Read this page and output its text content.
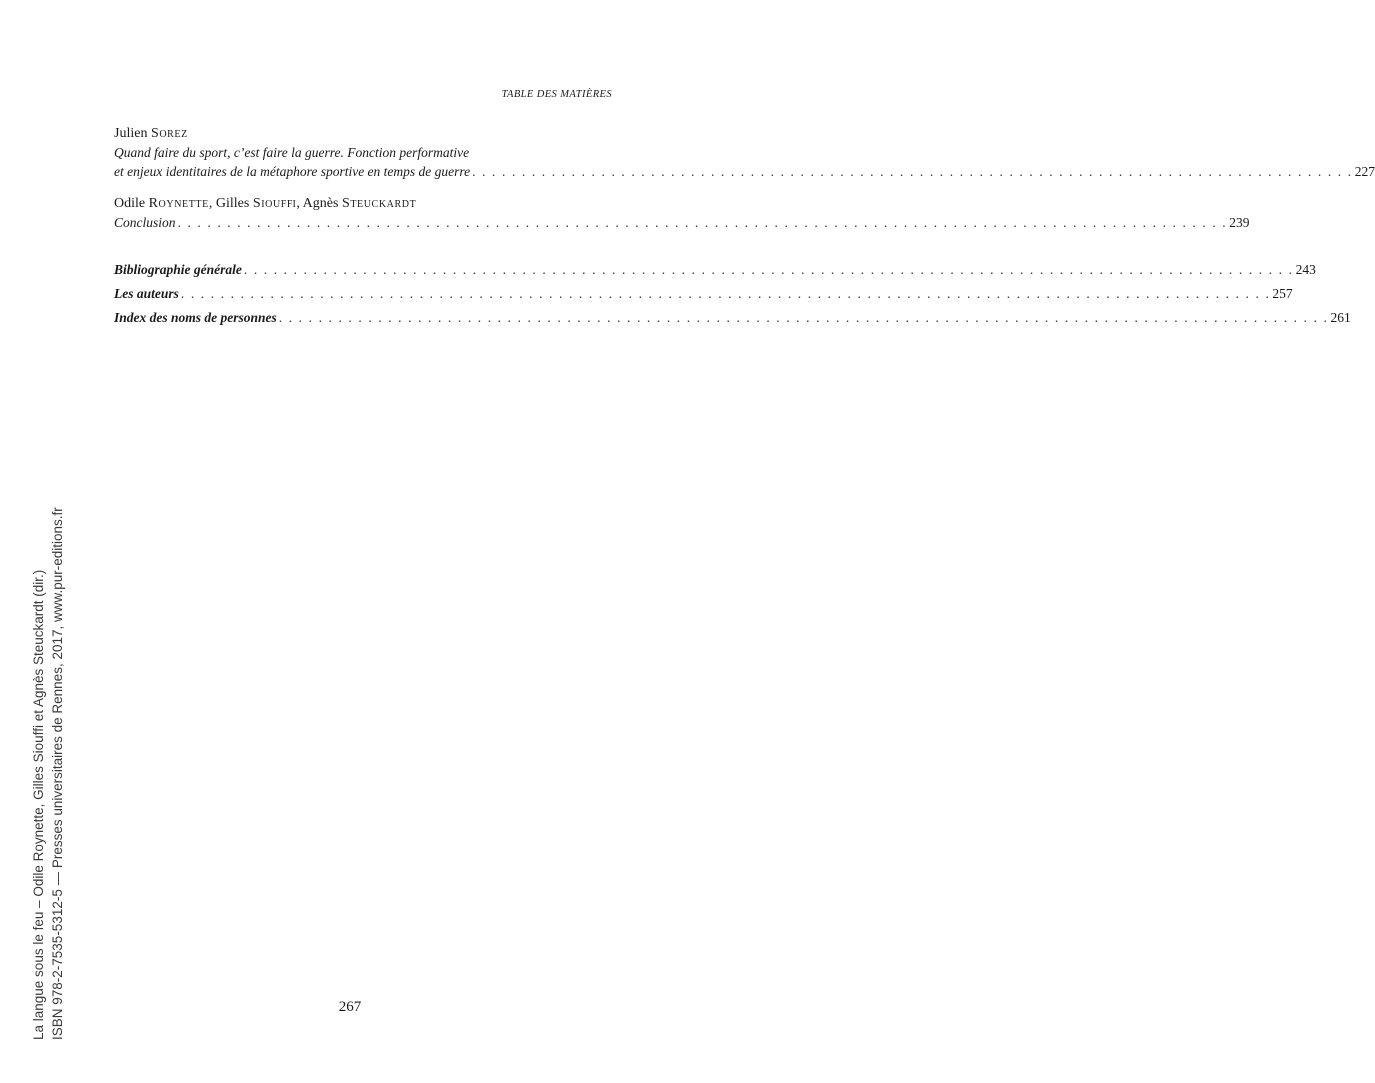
TABLE DES MATIÈRES
Julien Sorez
Quand faire du sport, c’est faire la guerre. Fonction performative
et enjeux identitaires de la métaphore sportive en temps de guerre . . . . . . . . . . . . . . . . . . . . . . . . . . . . . . . . . . . . . . . . . . . . . . . . . . . . . . . . . . . . . . . . . . . . . . . . . . . . . . . . . . . . . . . . . 227
Odile Roynette, Gilles Sioufﬁ, Agnès Steuckardt
Conclusion . . . . . . . . . . . . . . . . . . . . . . . . . . . . . . . . . . . . . . . . . . . . . . . . . . . . . . . . . . . . . . . . . . . . . . . . . . . . . . . . . . . . . . . . . . . . . . . . . . . . . . . . . . 239
Bibliographie générale . . . . . . . . . . . . . . . . . . . . . . . . . . . . . . . . . . . . . . . . . . . . . . . . . . . . . . . . . . . . . . . . . . . . . . . . . . . . . . . . . . . . . . . . . . . . . . . . . . . . . . . . . . 243
Les auteurs . . . . . . . . . . . . . . . . . . . . . . . . . . . . . . . . . . . . . . . . . . . . . . . . . . . . . . . . . . . . . . . . . . . . . . . . . . . . . . . . . . . . . . . . . . . . . . . . . . . . . . . . . . . . . . 257
Index des noms de personnes . . . . . . . . . . . . . . . . . . . . . . . . . . . . . . . . . . . . . . . . . . . . . . . . . . . . . . . . . . . . . . . . . . . . . . . . . . . . . . . . . . . . . . . . . . . . . . . . . . . . . . . . . . 261
267
La langue sous le feu – Odile Roynette, Gilles Siouffi et Agnès Steuckardt (dir.) ISBN 978-2-7535-5312-5 — Presses universitaires de Rennes, 2017, www.pur-editions.fr
